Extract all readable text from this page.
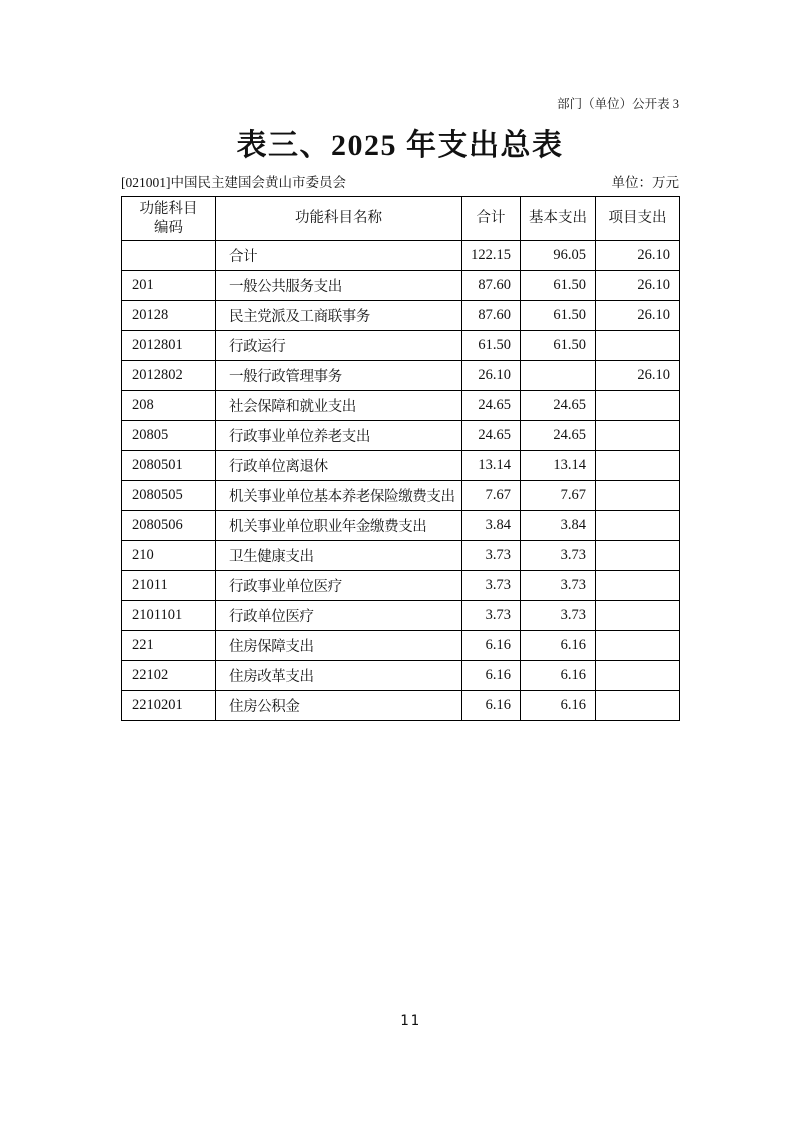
部门（单位）公开表 3
表三、2025 年支出总表
[021001]中国民主建国会黄山市委员会	单位：万元
功能科目
编码	功能科目名称	合计	基本支出	项目支出
	合计	122.15	96.05	26.10
201	一般公共服务支出	87.60	61.50	26.10
20128	民主党派及工商联事务	87.60	61.50	26.10
2012801	行政运行	61.50	61.50	
2012802	一般行政管理事务	26.10		26.10
208	社会保障和就业支出	24.65	24.65	
20805	行政事业单位养老支出	24.65	24.65	
2080501	行政单位离退休	13.14	13.14	
2080505	机关事业单位基本养老保险缴费支出	7.67	7.67	
2080506	机关事业单位职业年金缴费支出	3.84	3.84	
210	卫生健康支出	3.73	3.73	
21011	行政事业单位医疗	3.73	3.73	
2101101	行政单位医疗	3.73	3.73	
221	住房保障支出	6.16	6.16	
22102	住房改革支出	6.16	6.16	
2210201	住房公积金	6.16	6.16	
11
